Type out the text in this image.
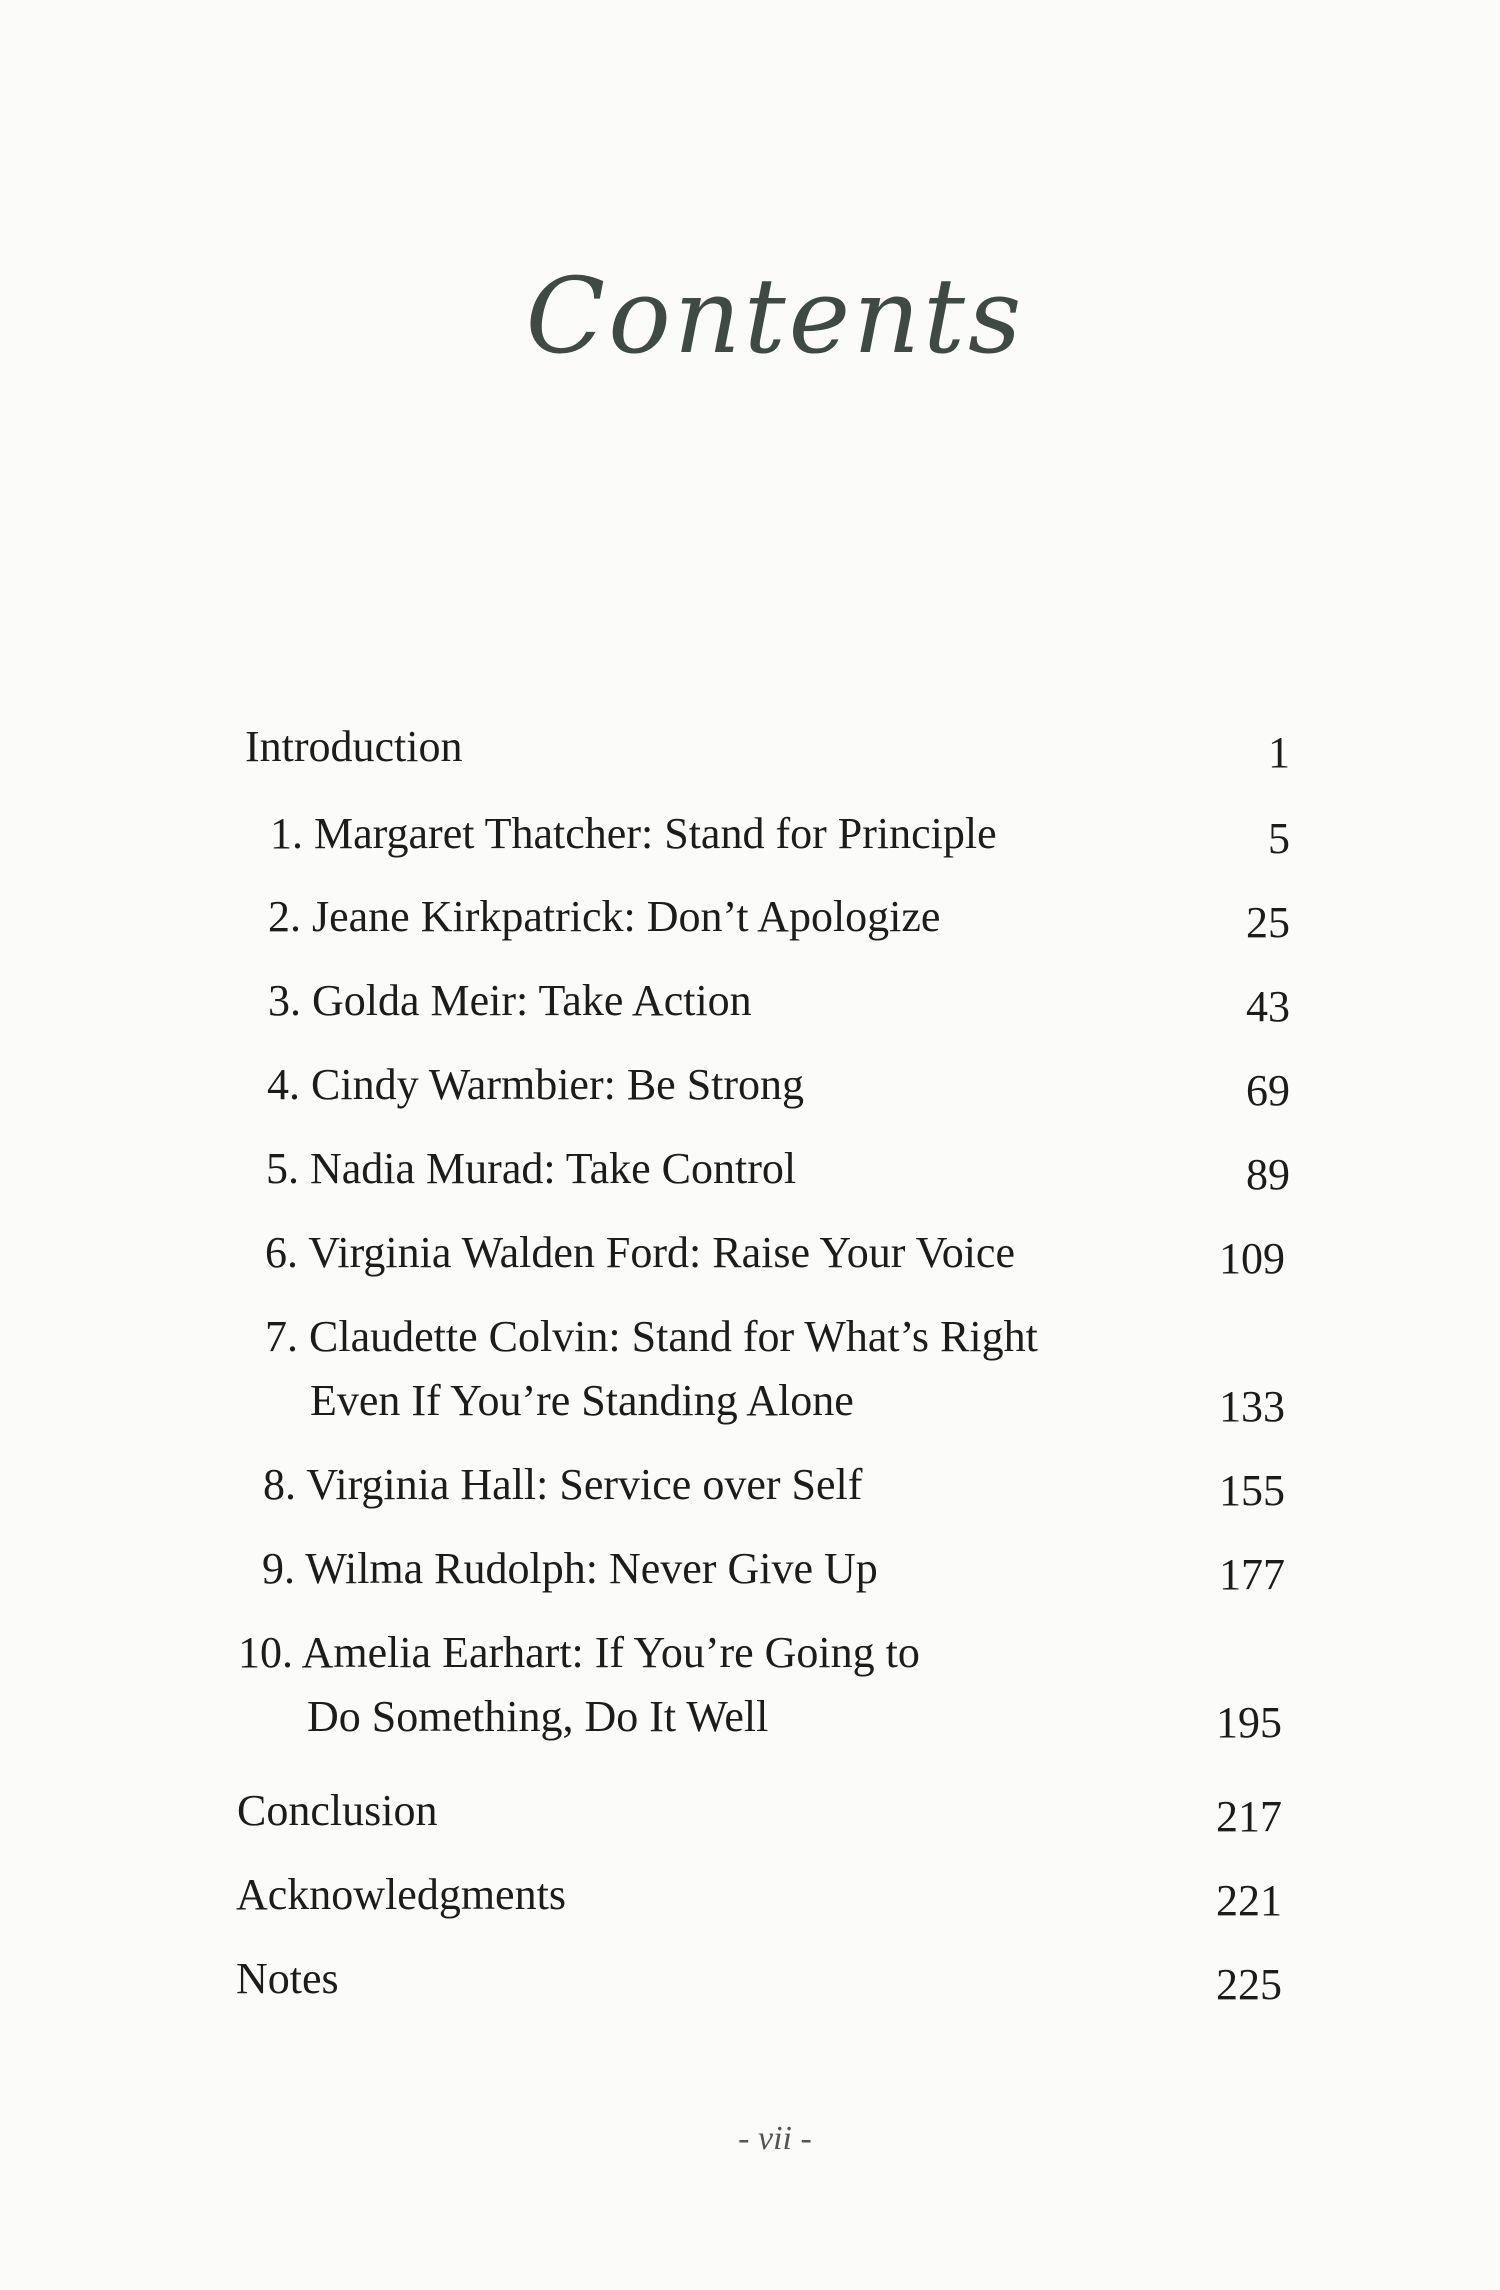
Contents
Introduction	1
1. Margaret Thatcher: Stand for Principle	5
2. Jeane Kirkpatrick: Don’t Apologize	25
3. Golda Meir: Take Action	43
4. Cindy Warmbier: Be Strong	69
5. Nadia Murad: Take Control	89
6. Virginia Walden Ford: Raise Your Voice	109
7. Claudette Colvin: Stand for What’s Right
Even If You’re Standing Alone	133
8. Virginia Hall: Service over Self	155
9. Wilma Rudolph: Never Give Up	177
10. Amelia Earhart: If You’re Going to
Do Something, Do It Well	195
Conclusion	217
Acknowledgments	221
Notes	225
- vii -
